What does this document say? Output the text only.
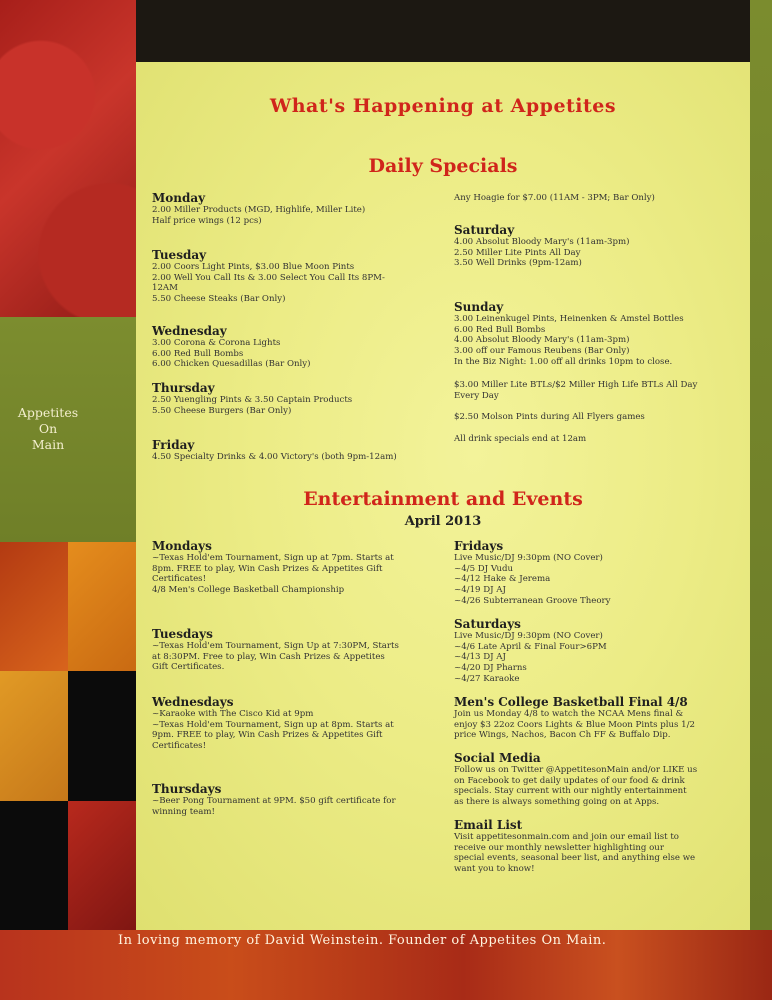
Appetites
On
Main
What's Happening at Appetites
Daily Specials
Monday

2.00 Miller Products (MGD, Highlife, Miller Lite)
Half price wings (12 pcs)

Tuesday

2.00 Coors Light Pints, $3.00 Blue Moon Pints
2.00 Well You Call Its & 3.00 Select You Call Its 8PM-
12AM
5.50 Cheese Steaks (Bar Only)

Wednesday

3.00 Corona & Corona Lights
6.00 Red Bull Bombs
6.00 Chicken Quesadillas (Bar Only)

Thursday

2.50 Yuengling Pints & 3.50 Captain Products
5.50 Cheese Burgers (Bar Only)

Friday

4.50 Specialty Drinks & 4.00 Victory's (both 9pm-12am)

Any Hoagie for $7.00 (11AM - 3PM; Bar Only)

Saturday

4.00 Absolut Bloody Mary's (11am-3pm)
2.50 Miller Lite Pints All Day
3.50 Well Drinks (9pm-12am)

Sunday

3.00 Leinenkugel Pints, Heinenken & Amstel Bottles
6.00 Red Bull Bombs
4.00 Absolut Bloody Mary's (11am-3pm)
3.00 off our Famous Reubens (Bar Only)
In the Biz Night: 1.00 off all drinks 10pm to close.

$3.00 Miller Lite BTLs/$2 Miller High Life BTLs All Day
Every Day

$2.50 Molson Pints during All Flyers games

All drink specials end at 12am

Entertainment and Events
April 2013
Mondays

~Texas Hold'em Tournament, Sign up at 7pm. Starts at
8pm. FREE to play, Win Cash Prizes & Appetites Gift
Certificates!
4/8 Men's College Basketball Championship

Tuesdays

~Texas Hold'em Tournament, Sign Up at 7:30PM, Starts
at 8:30PM. Free to play, Win Cash Prizes & Appetites
Gift Certificates.

Wednesdays

~Karaoke with The Cisco Kid at 9pm
~Texas Hold'em Tournament, Sign up at 8pm. Starts at
9pm. FREE to play, Win Cash Prizes & Appetites Gift
Certificates!

Thursdays

~Beer Pong Tournament at 9PM. $50 gift certificate for
winning team!

Fridays

Live Music/DJ 9:30pm (NO Cover)
~4/5 DJ Vudu
~4/12 Hake & Jerema
~4/19 DJ AJ
~4/26 Subterranean Groove Theory

Saturdays

Live Music/DJ 9:30pm (NO Cover)
~4/6 Late April & Final Four>6PM
~4/13 DJ AJ
~4/20 DJ Pharns
~4/27 Karaoke

Men's College Basketball Final 4/8

Join us Monday 4/8 to watch the NCAA Mens final &
enjoy $3 22oz Coors Lights & Blue Moon Pints plus 1/2
price Wings, Nachos, Bacon Ch FF & Buffalo Dip.

Social Media

Follow us on Twitter @AppetitesonMain and/or LIKE us
on Facebook to get daily updates of our food & drink
specials. Stay current with our nightly entertainment
as there is always something going on at Apps.

Email List

Visit appetitesonmain.com and join our email list to
receive our monthly newsletter highlighting our
special events, seasonal beer list, and anything else we
want you to know!

In loving memory of David Weinstein. Founder of Appetites On Main.
